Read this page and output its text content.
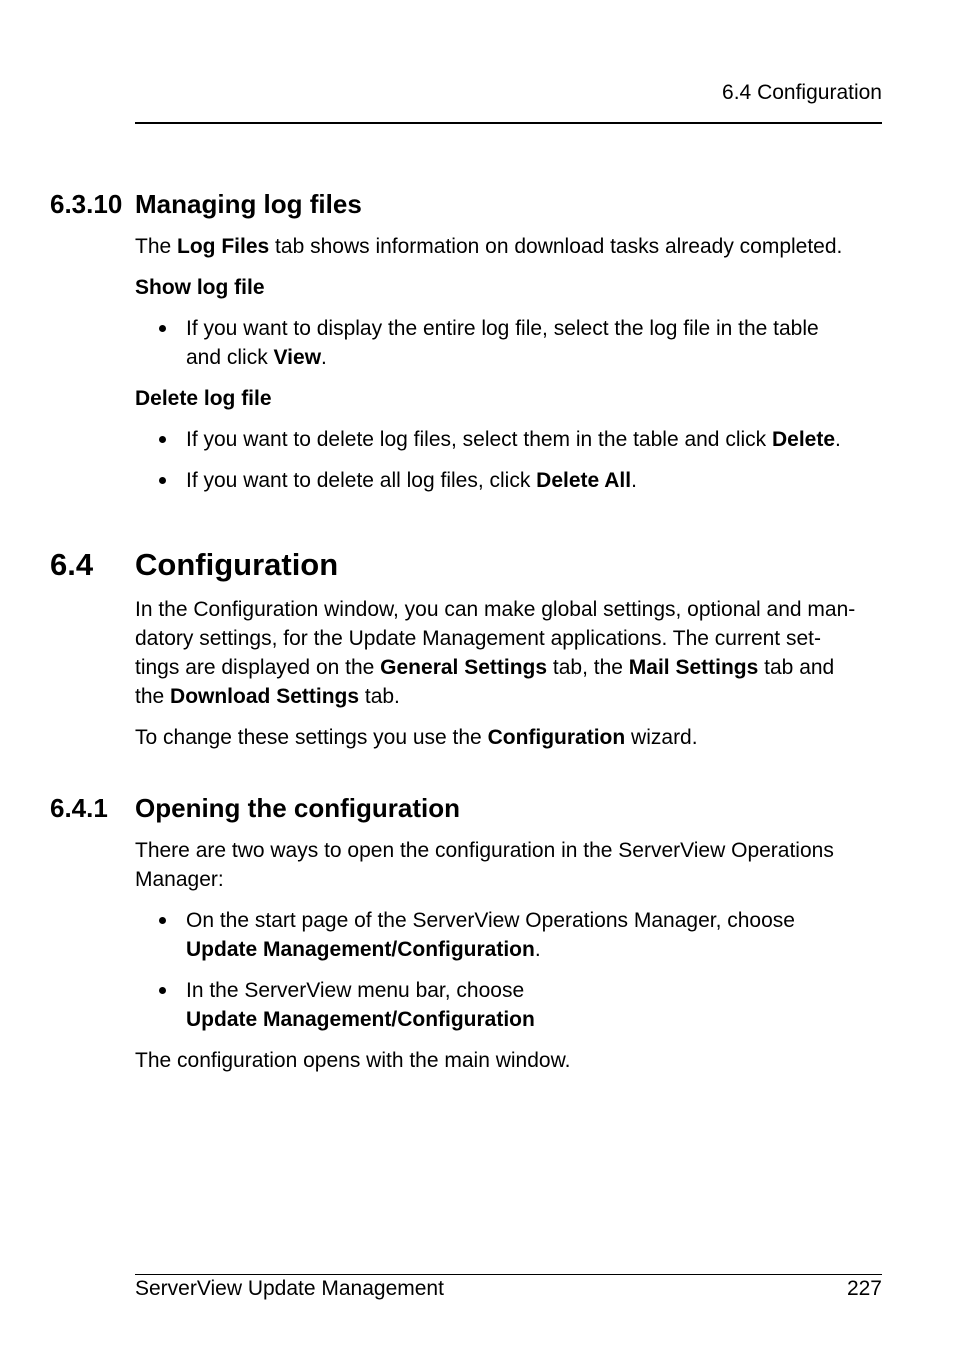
6.4 Configuration
6.3.10 Managing log files
The Log Files tab shows information on download tasks already completed.
Show log file
If you want to display the entire log file, select the log file in the table
and click View.
Delete log file
If you want to delete log files, select them in the table and click Delete.
If you want to delete all log files, click Delete All.
6.4 Configuration
In the Configuration window, you can make global settings, optional and man-
datory settings, for the Update Management applications. The current set-
tings are displayed on the General Settings tab, the Mail Settings tab and
the Download Settings tab.
To change these settings you use the Configuration wizard.
6.4.1 Opening the configuration
There are two ways to open the configuration in the ServerView Operations
Manager:
On the start page of the ServerView Operations Manager, choose
Update Management/Configuration.
In the ServerView menu bar, choose
Update Management/Configuration
The configuration opens with the main window.
ServerView Update Management	227
